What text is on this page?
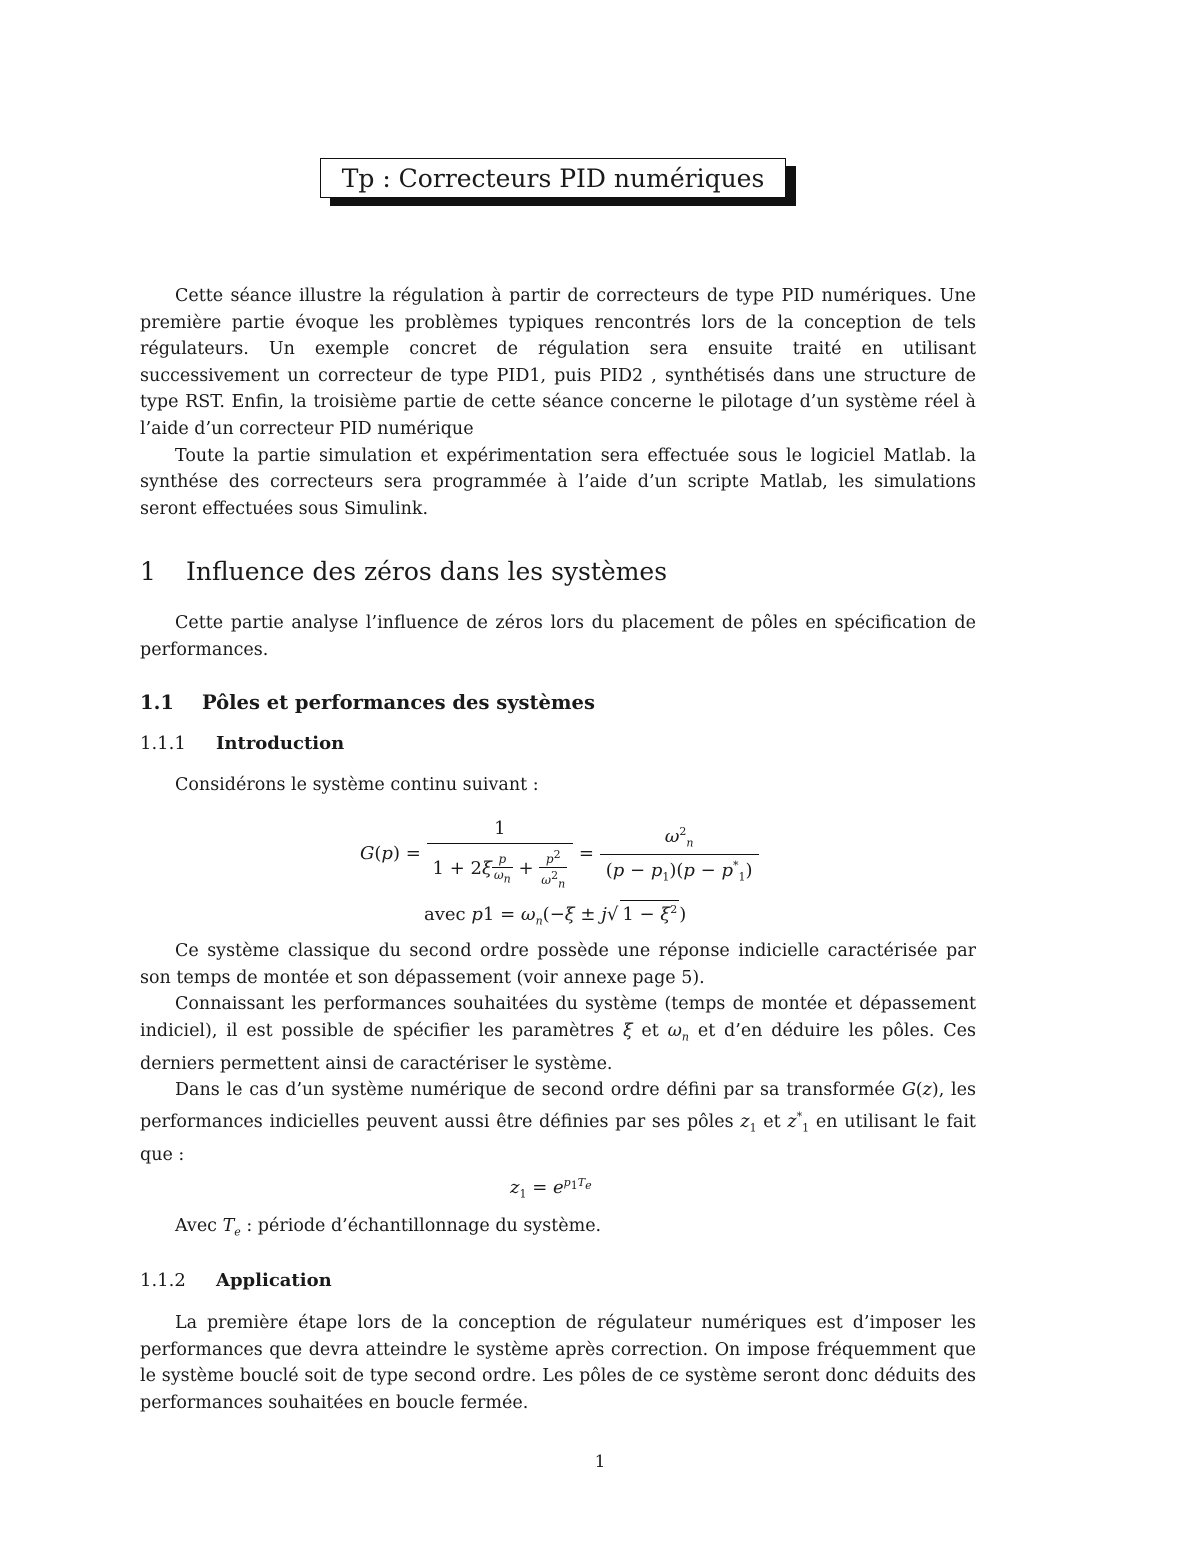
Tp : Correcteurs PID numériques
Cette séance illustre la régulation à partir de correcteurs de type PID numériques. Une première partie évoque les problèmes typiques rencontrés lors de la conception de tels régulateurs. Un exemple concret de régulation sera ensuite traité en utilisant successivement un correcteur de type PID1, puis PID2 , synthétisés dans une structure de type RST. Enfin, la troisième partie de cette séance concerne le pilotage d’un système réel à l’aide d’un correcteur PID numérique
Toute la partie simulation et expérimentation sera effectuée sous le logiciel Matlab. la synthése des correcteurs sera programmée à l’aide d’un scripte Matlab, les simulations seront effectuées sous Simulink.
1 Influence des zéros dans les systèmes
Cette partie analyse l’influence de zéros lors du placement de pôles en spécification de performances.
1.1 Pôles et performances des systèmes
1.1.1 Introduction
Considérons le système continu suivant :
$G(p) = \frac{1}{1 + 2\xi \frac{p}{\omega_n} + \frac{p^2}{\omega^2_n}} = \frac{\omega^2_n}{(p - p_1)(p - p^*_1)}$
avec $p1 = \omega_n(-\xi \pm j√$ $1 - \xi^2$ )
Ce système classique du second ordre possède une réponse indicielle caractérisée par son temps de montée et son dépassement (voir annexe page 5).
Connaissant les performances souhaitées du système (temps de montée et dépassement indiciel), il est possible de spécifier les paramètres ξ et $\omega_n$ et d’en déduire les pôles. Ces derniers permettent ainsi de caractériser le système.
Dans le cas d’un système numérique de second ordre défini par sa transformée G(z), les performances indicielles peuvent aussi être définies par ses pôles $z_1$ et $z^*_1$ en utilisant le fait que :
$z_1 = e^{p_1T_e}$
Avec $T_e$ : période d’échantillonnage du système.
1.1.2 Application
La première étape lors de la conception de régulateur numériques est d’imposer les performances que devra atteindre le système après correction. On impose fréquemment que le système bouclé soit de type second ordre. Les pôles de ce système seront donc déduits des performances souhaitées en boucle fermée.
1
